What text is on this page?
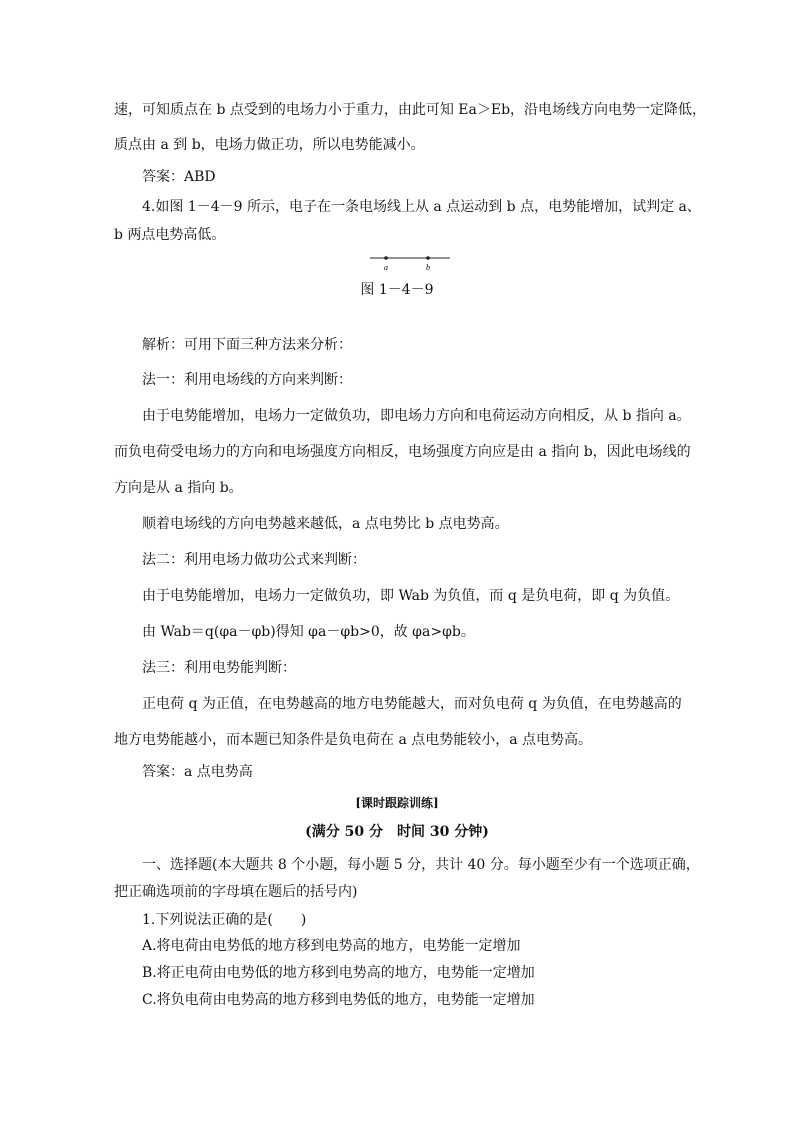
速，可知质点在 b 点受到的电场力小于重力，由此可知 Ea＞Eb，沿电场线方向电势一定降低，
质点由 a 到 b，电场力做正功，所以电势能减小。
答案：ABD
4.如图 1－4－9 所示，电子在一条电场线上从 a 点运动到 b 点，电势能增加，试判定 a、
b 两点电势高低。
a	b
图 1－4－9
解析：可用下面三种方法来分析：
法一：利用电场线的方向来判断：
由于电势能增加，电场力一定做负功，即电场力方向和电荷运动方向相反，从 b 指向 a。
而负电荷受电场力的方向和电场强度方向相反，电场强度方向应是由 a 指向 b，因此电场线的
方向是从 a 指向 b。
顺着电场线的方向电势越来越低，a 点电势比 b 点电势高。
法二：利用电场力做功公式来判断：
由于电势能增加，电场力一定做负功，即 Wab 为负值，而 q 是负电荷，即 q 为负值。
由 Wab＝q(φa－φb)得知 φa－φb>0，故 φa>φb。
法三：利用电势能判断：
正电荷 q 为正值，在电势越高的地方电势能越大，而对负电荷 q 为负值，在电势越高的
地方电势能越小，而本题已知条件是负电荷在 a 点电势能较小，a 点电势高。
答案：a 点电势高
[课时跟踪训练]
(满分 50 分　时间 30 分钟)
一、选择题(本大题共 8 个小题，每小题 5 分，共计 40 分。每小题至少有一个选项正确，
把正确选项前的字母填在题后的括号内)
1.下列说法正确的是(　　)
A.将电荷由电势低的地方移到电势高的地方，电势能一定增加
B.将正电荷由电势低的地方移到电势高的地方，电势能一定增加
C.将负电荷由电势高的地方移到电势低的地方，电势能一定增加
